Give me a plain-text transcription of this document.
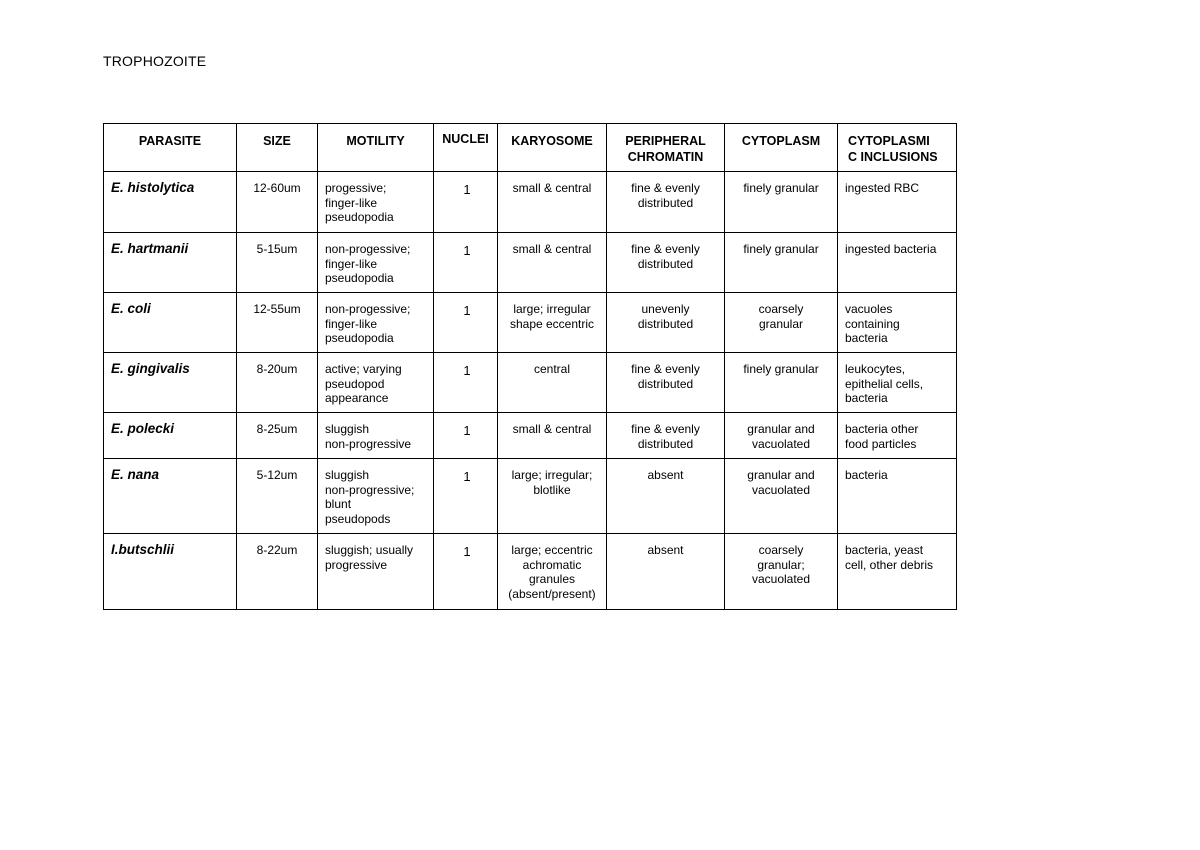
TROPHOZOITE
PARASITE	SIZE	MOTILITY	NUCLEI	KARYOSOME	PERIPHERAL
CHROMATIN	CYTOPLASM	CYTOPLASMI
C INCLUSIONS
E. histolytica	12-60um	progessive;
finger-like
pseudopodia	1	small & central	fine & evenly
distributed	finely granular	ingested RBC
E. hartmanii	5-15um	non-progessive;
finger-like
pseudopodia	1	small & central	fine & evenly
distributed	finely granular	ingested bacteria
E. coli	12-55um	non-progessive;
finger-like
pseudopodia	1	large; irregular
shape eccentric	unevenly
distributed	coarsely
granular	vacuoles
containing
bacteria
E. gingivalis	8-20um	active; varying
pseudopod
appearance	1	central	fine & evenly
distributed	finely granular	leukocytes,
epithelial cells,
bacteria
E. polecki	8-25um	sluggish
non-progressive	1	small & central	fine & evenly
distributed	granular and
vacuolated	bacteria other
food particles
E. nana	5-12um	sluggish
non-progressive;
blunt
pseudopods	1	large; irregular;
blotlike	absent	granular and
vacuolated	bacteria
I.butschlii	8-22um	sluggish; usually
progressive	1	large; eccentric
achromatic
granules
(absent/present)	absent	coarsely
granular;
vacuolated	bacteria, yeast
cell, other debris
